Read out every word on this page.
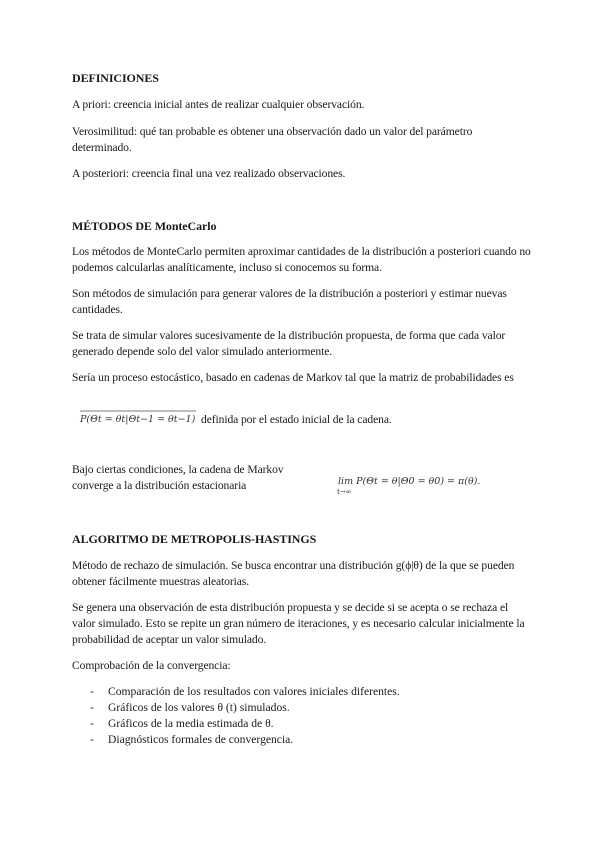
DEFINICIONES
A priori: creencia inicial antes de realizar cualquier observación.
Verosimilitud: qué tan probable es obtener una observación dado un valor del parámetro determinado.
A posteriori: creencia final una vez realizado observaciones.
MÉTODOS DE MonteCarlo
Los métodos de MonteCarlo permiten aproximar cantidades de la distribución a posteriori cuando no podemos calcularlas analíticamente, incluso si conocemos su forma.
Son métodos de simulación para generar valores de la distribución a posteriori y estimar nuevas cantidades.
Se trata de simular valores sucesivamente de la distribución propuesta, de forma que cada valor generado depende solo del valor simulado anteriormente.
Sería un proceso estocástico, basado en cadenas de Markov tal que la matriz de probabilidades es
P(Θt = θt|Θt−1 = θt−1) definida por el estado inicial de la cadena.
Bajo ciertas condiciones, la cadena de Markov converge a la distribución estacionaria	lim P(Θt = θ|Θ0 = θ0) = π(θ).
t→∞
ALGORITMO DE METROPOLIS-HASTINGS
Método de rechazo de simulación. Se busca encontrar una distribución g(ϕ|θ) de la que se pueden obtener fácilmente muestras aleatorias.
Se genera una observación de esta distribución propuesta y se decide si se acepta o se rechaza el valor simulado. Esto se repite un gran número de iteraciones, y es necesario calcular inicialmente la probabilidad de aceptar un valor simulado.
Comprobación de la convergencia:
- Comparación de los resultados con valores iniciales diferentes.
- Gráficos de los valores θ (t) simulados.
- Gráficos de la media estimada de θ.
- Diagnósticos formales de convergencia.
